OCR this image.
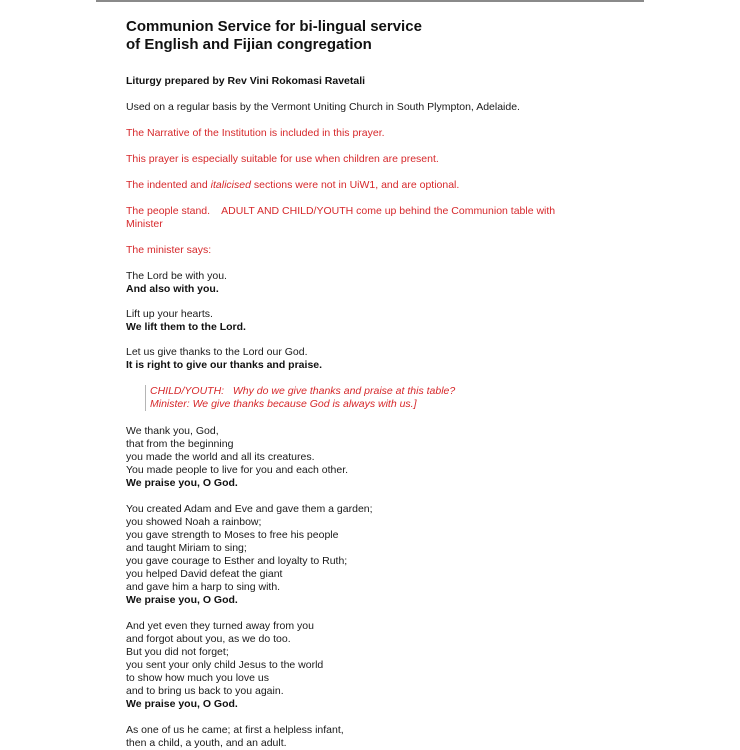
Communion Service for bi-lingual service
of English and Fijian congregation

Liturgy prepared by Rev Vini Rokomasi Ravetali

Used on a regular basis by the Vermont Uniting Church in South Plympton, Adelaide.

The Narrative of the Institution is included in this prayer.

This prayer is especially suitable for use when children are present.

The indented and italicised sections were not in UiW1, and are optional.

The people stand.    ADULT AND CHILD/YOUTH come up behind the Communion table with
Minister

The minister says:

The Lord be with you.
And also with you.

Lift up your hearts.
We lift them to the Lord.

Let us give thanks to the Lord our God.
It is right to give our thanks and praise.

CHILD/YOUTH:   Why do we give thanks and praise at this table?
Minister: We give thanks because God is always with us.]

We thank you, God,
that from the beginning
you made the world and all its creatures.
You made people to live for you and each other.
We praise you, O God.

You created Adam and Eve and gave them a garden;
you showed Noah a rainbow;
you gave strength to Moses to free his people
and taught Miriam to sing;
you gave courage to Esther and loyalty to Ruth;
you helped David defeat the giant
and gave him a harp to sing with.
We praise you, O God.

And yet even they turned away from you
and forgot about you, as we do too.
But you did not forget;
you sent your only child Jesus to the world
to show how much you love us
and to bring us back to you again.
We praise you, O God.

As one of us he came; at first a helpless infant,
then a child, a youth, and an adult.
